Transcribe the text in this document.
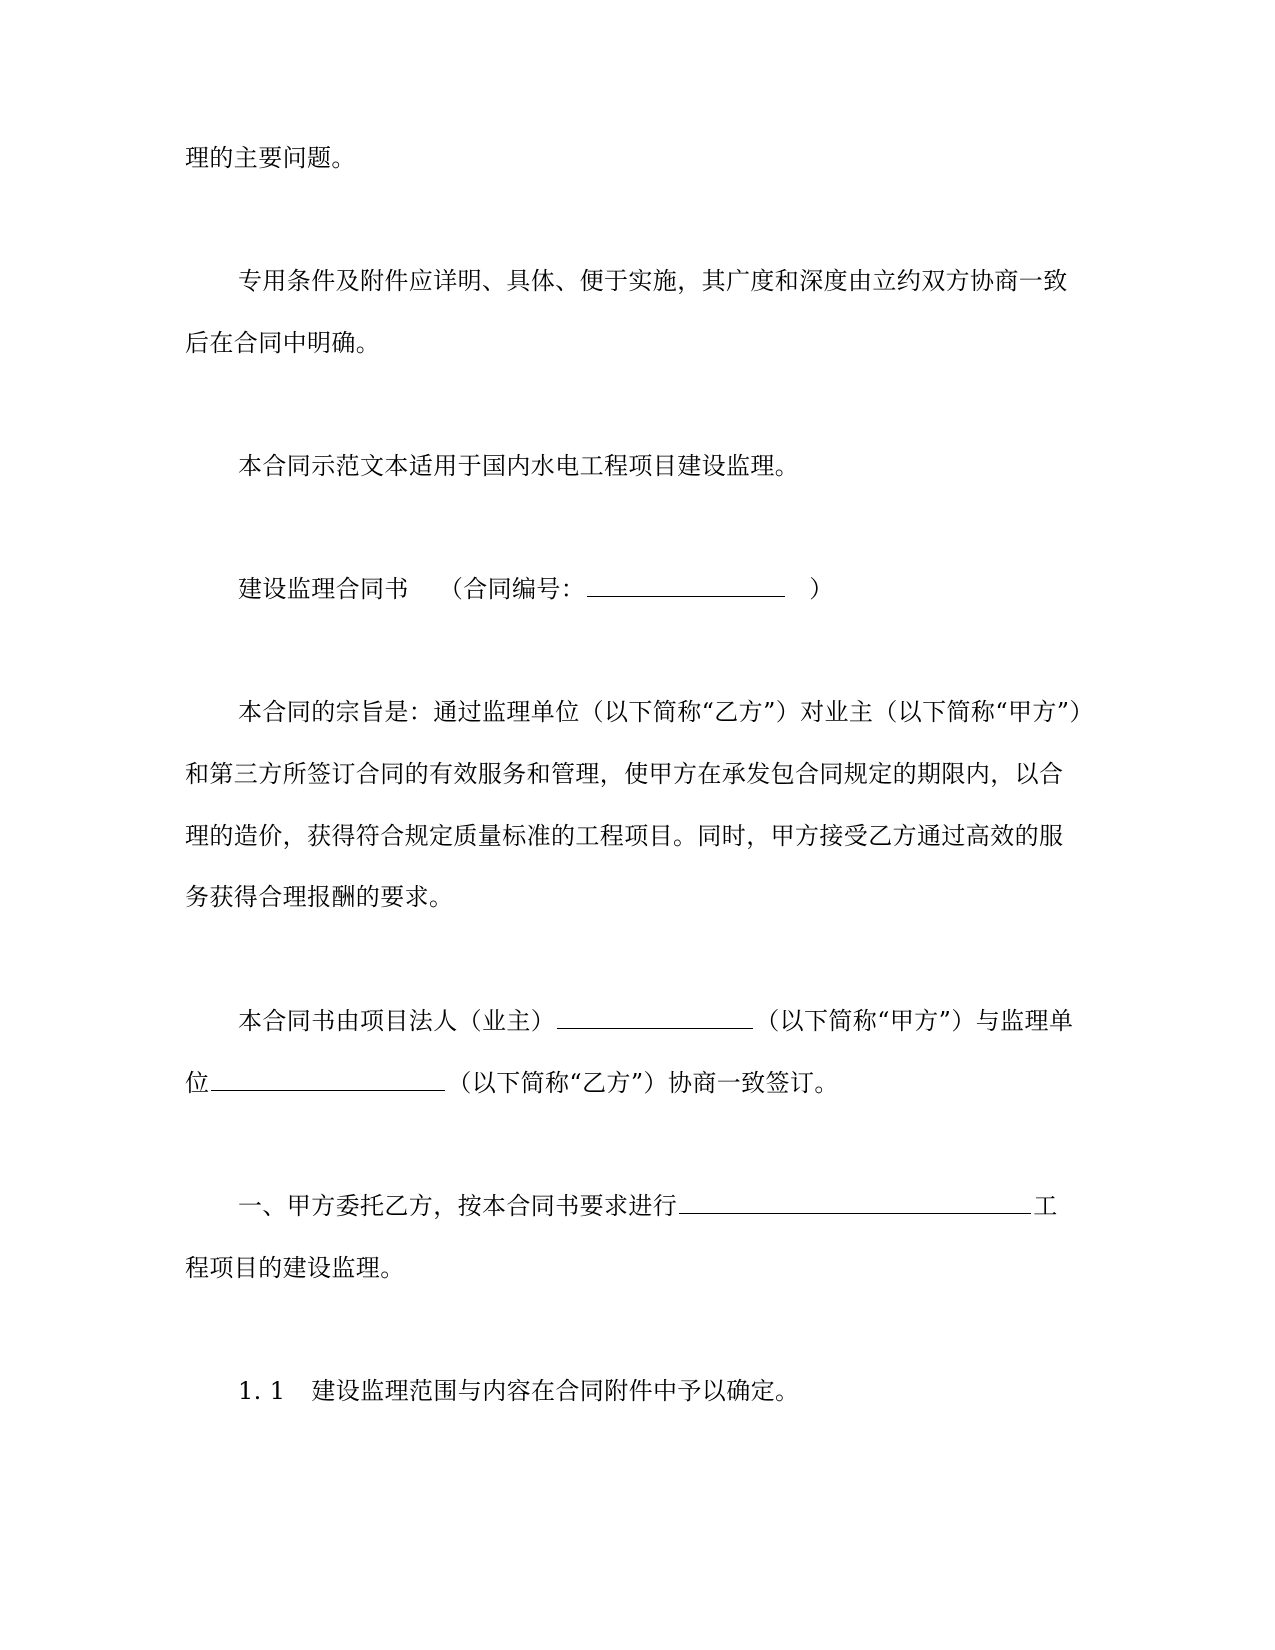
理的主要问题。
专用条件及附件应详明、具体、便于实施，其广度和深度由立约双方协商一致
后在合同中明确。
本合同示范文本适用于国内水电工程项目建设监理。
建设监理合同书 （合同编号：	）
本合同的宗旨是：通过监理单位（以下简称“乙方”）对业主（以下简称“甲方”）
和第三方所签订合同的有效服务和管理，使甲方在承发包合同规定的期限内，以合
理的造价，获得符合规定质量标准的工程项目。同时，甲方接受乙方通过高效的服
务获得合理报酬的要求。
本合同书由项目法人（业主）	（以下简称“甲方”）与监理单
位	（以下简称“乙方”）协商一致签订。
一、甲方委托乙方，按本合同书要求进行	工
程项目的建设监理。
1. 1 建设监理范围与内容在合同附件中予以确定。
